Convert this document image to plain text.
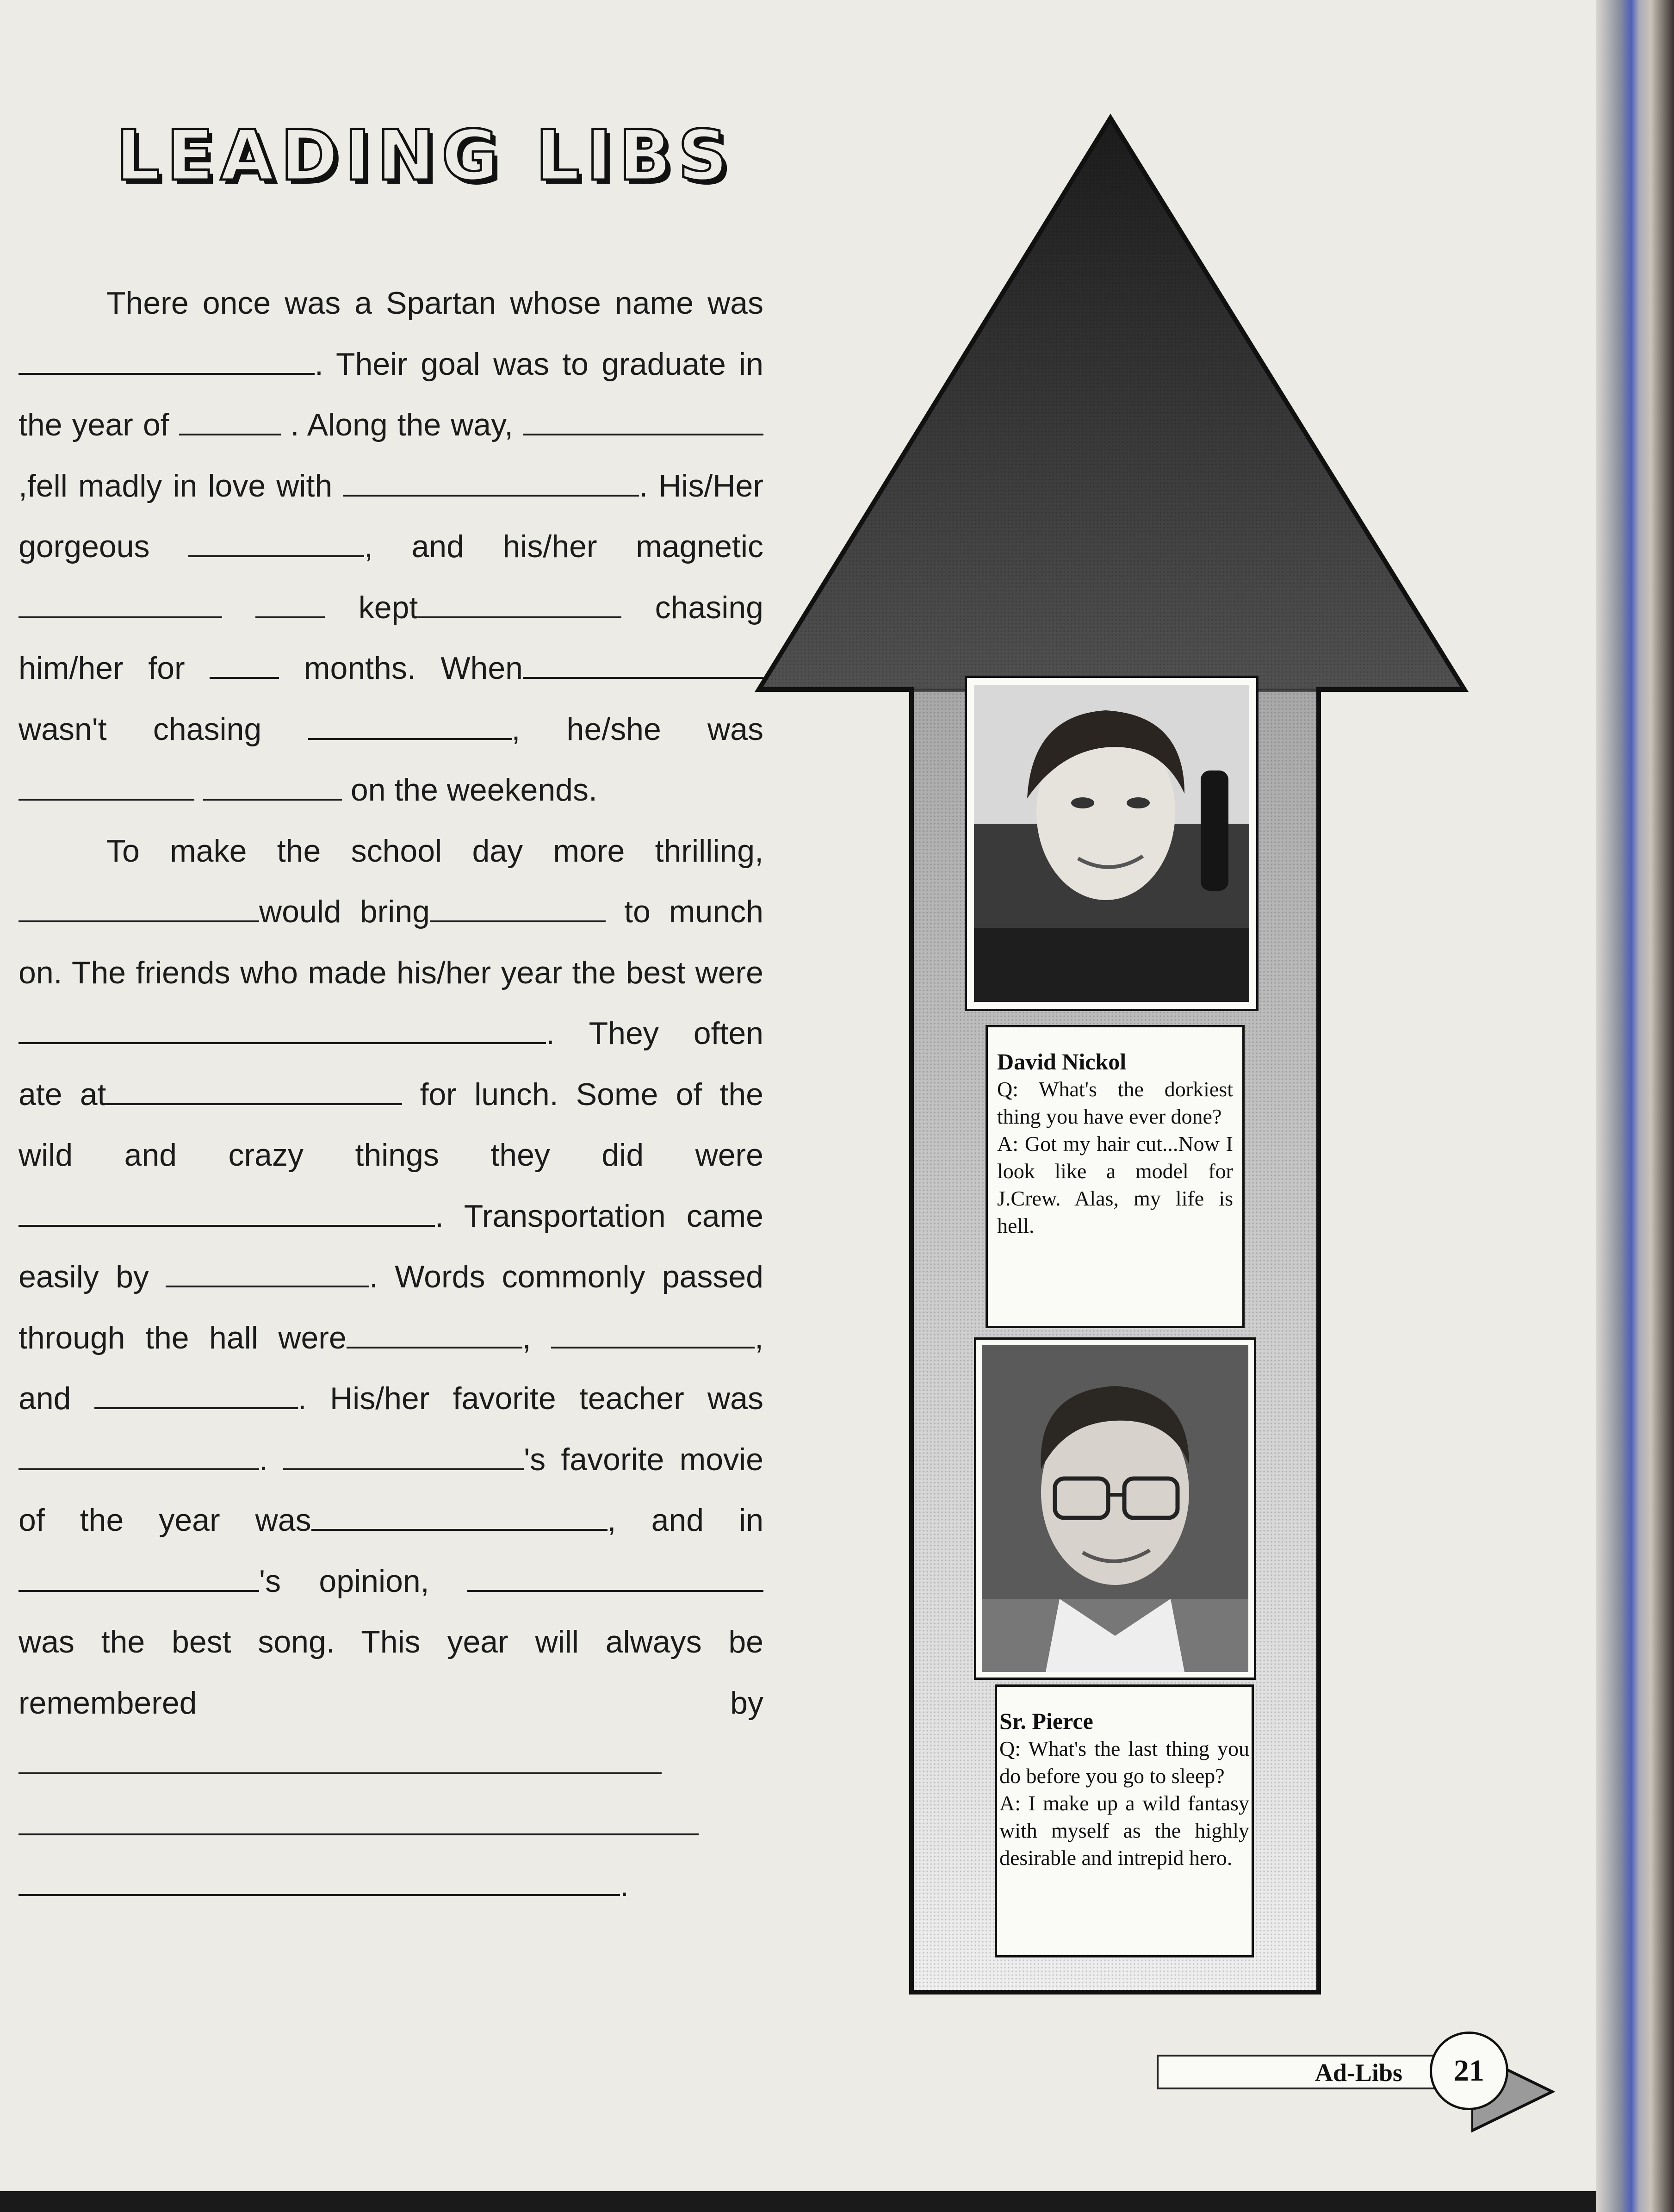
LEADING LIBS
David Nickol
Q: What's the dorkiest thing you have ever done?
A: Got my hair cut...Now I look like a model for J.Crew. Alas, my life is hell.
Sr. Pierce
Q: What's the last thing you do before you go to sleep?
A: I make up a wild fantasy with myself as the highly desirable and intrepid hero.

There once was a Spartan whose name was . Their goal was to graduate in the year of	. Along the way, ,fell madly in love with	. His/Her gorgeous	, and his/her magnetic  kept	chasing him/her for	months. When wasn't chasing	, he/she was  on the weekends.

To make the school day more thrilling, would bring	to munch on. The friends who made his/her year the best were . They often ate at	for lunch. Some of the wild and crazy things they did were. Transportation came easily by	. Words commonly passed through the hall were	,	, and	. His/her favorite teacher was.	's favorite movie of the year was	, and in's opinion,  was the best song. This year will always be remembered by   .

Ad-Libs	21
